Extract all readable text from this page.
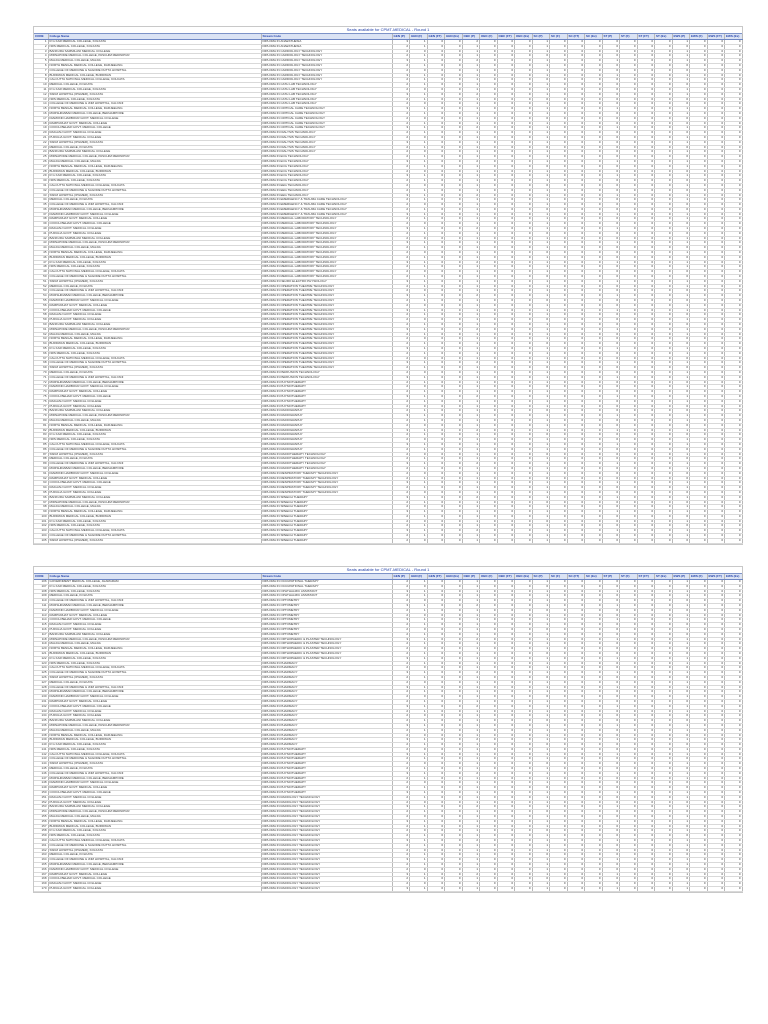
Seats available for CPMT-MEDICAL - Round 1
CODE	College Name	Stream Code	GEN (P)	GEN (F)	GEN (FT)	GEN (Ex)	OBC (P)	OBC (F)	OBC (FT)	OBC (Ex)	SC (P)	SC (F)	SC (FT)	SC (Ex)	ST (P)	ST (F)	ST (FT)	ST (Ex)	EWS (P)	EWS (F)	EWS (FT)	EWS (Ex)
1	R G KAR MEDICAL COLLEGE, KOLKATA	DIPLOMA IN ANAESTHESIA	3	1	0	0	2	0	0	0	1	0	0	0	0	0	0	0	1	0	0	0
2	NRS MEDICAL COLLEGE, KOLKATA	DIPLOMA IN ANAESTHESIA	2	1	0	0	1	0	0	0	1	0	0	0	0	0	0	0	0	0	0	0
3	BANKURA SAMMILANI MEDICAL COLLEGE	DIPLOMA IN CARDIOLOGY TECHNOLOGY	2	0	0	0	1	0	0	0	1	0	0	0	0	0	0	0	1	0	0	0
4	MIDNAPORE MEDICAL COLLEGE, PASCHIM MEDINIPUR	DIPLOMA IN CARDIOLOGY TECHNOLOGY	2	1	0	0	1	0	0	0	0	0	0	0	0	0	0	0	1	0	0	0
5	MALDA MEDICAL COLLEGE, MALDA	DIPLOMA IN CARDIOLOGY TECHNOLOGY	3	1	0	0	2	0	0	0	1	0	0	0	1	0	0	0	1	0	0	0
6	NORTH BENGAL MEDICAL COLLEGE, DARJEELING	DIPLOMA IN CARDIOLOGY TECHNOLOGY	2	1	0	0	1	0	0	0	1	0	0	0	0	0	0	0	0	0	0	0
7	COLLEGE OF MEDICINE & SAGORE DUTTA HOSPITAL	DIPLOMA IN CARDIOLOGY TECHNOLOGY	2	0	0	0	1	0	0	0	1	0	0	0	0	0	0	0	0	0	0	0
8	BURDWAN MEDICAL COLLEGE, BURDWAN	DIPLOMA IN CARDIOLOGY TECHNOLOGY	3	1	0	0	1	0	0	0	1	0	0	0	1	0	0	0	1	0	0	0
9	CALCUTTA NATIONAL MEDICAL COLLEGE, KOLKATA	DIPLOMA IN CARDIOLOGY TECHNOLOGY	2	1	0	0	1	0	0	0	0	0	0	0	0	0	0	0	1	0	0	0
10	MEDICAL COLLEGE, KOLKATA	DIPLOMA IN CATH LAB TECHNOLOGY	2	1	0	0	1	0	0	0	1	0	0	0	0	0	0	0	0	0	0	0
11	R G KAR MEDICAL COLLEGE, KOLKATA	DIPLOMA IN CATH LAB TECHNOLOGY	2	0	0	0	1	0	0	0	1	0	0	0	0	0	0	0	1	0	0	0
12	SSKM HOSPITAL (IPGMER), KOLKATA	DIPLOMA IN CATH LAB TECHNOLOGY	3	1	0	0	2	0	0	0	1	0	0	0	0	0	0	0	1	0	0	0
13	NRS MEDICAL COLLEGE, KOLKATA	DIPLOMA IN CATH LAB TECHNOLOGY	2	1	0	0	1	0	0	0	0	0	0	0	0	0	0	0	0	0	0	0
14	COLLEGE OF MEDICINE & JNM HOSPITAL, KALYANI	DIPLOMA IN CATH LAB TECHNOLOGY	2	0	0	0	1	0	0	0	1	0	0	0	0	0	0	0	0	0	0	0
15	NORTH BENGAL MEDICAL COLLEGE, DARJEELING	DIPLOMA IN CRITICAL CARE TECHNOLOGY	3	1	0	0	1	0	0	0	1	0	0	0	1	0	0	0	1	0	0	0
16	MURSHIDABAD MEDICAL COLLEGE, BERHAMPORE	DIPLOMA IN CRITICAL CARE TECHNOLOGY	2	1	0	0	1	0	0	0	1	0	0	0	0	0	0	0	1	0	0	0
17	DIAMOND HARBOUR GOVT. MEDICAL COLLEGE	DIPLOMA IN CRITICAL CARE TECHNOLOGY	2	0	0	0	1	0	0	0	0	0	0	0	0	0	0	0	0	0	0	0
18	RAMPURHAT GOVT. MEDICAL COLLEGE	DIPLOMA IN CRITICAL CARE TECHNOLOGY	2	1	0	0	1	0	0	0	1	0	0	0	0	0	0	0	0	0	0	0
19	COOCH BEHAR GOVT. MEDICAL COLLEGE	DIPLOMA IN CRITICAL CARE TECHNOLOGY	3	1	0	0	2	0	0	0	1	0	0	0	1	0	0	0	1	0	0	0
20	RAIGANJ GOVT. MEDICAL COLLEGE	DIPLOMA IN DIALYSIS TECHNOLOGY	2	1	0	0	1	0	0	0	1	0	0	0	0	0	0	0	0	0	0	0
21	PURULIA GOVT. MEDICAL COLLEGE	DIPLOMA IN DIALYSIS TECHNOLOGY	2	0	0	0	1	0	0	0	1	0	0	0	0	0	0	0	1	0	0	0
22	SSKM HOSPITAL (IPGMER), KOLKATA	DIPLOMA IN DIALYSIS TECHNOLOGY	3	1	0	0	1	0	0	0	1	0	0	0	0	0	0	0	1	0	0	0
23	MEDICAL COLLEGE, KOLKATA	DIPLOMA IN DIALYSIS TECHNOLOGY	2	1	0	0	1	0	0	0	0	0	0	0	0	0	0	0	0	0	0	0
24	BANKURA SAMMILANI MEDICAL COLLEGE	DIPLOMA IN DIALYSIS TECHNOLOGY	2	0	0	0	1	0	0	0	1	0	0	0	0	0	0	0	1	0	0	0
25	MIDNAPORE MEDICAL COLLEGE, PASCHIM MEDINIPUR	DIPLOMA IN ECG TECHNOLOGY	2	1	0	0	1	0	0	0	1	0	0	0	0	0	0	0	0	0	0	0
26	MALDA MEDICAL COLLEGE, MALDA	DIPLOMA IN ECG TECHNOLOGY	3	1	0	0	2	0	0	0	1	0	0	0	1	0	0	0	1	0	0	0
27	NORTH BENGAL MEDICAL COLLEGE, DARJEELING	DIPLOMA IN ECG TECHNOLOGY	2	1	0	0	1	0	0	0	0	0	0	0	0	0	0	0	1	0	0	0
28	BURDWAN MEDICAL COLLEGE, BURDWAN	DIPLOMA IN ECG TECHNOLOGY	2	0	0	0	1	0	0	0	1	0	0	0	0	0	0	0	0	0	0	0
29	R G KAR MEDICAL COLLEGE, KOLKATA	DIPLOMA IN ECG TECHNOLOGY	3	1	0	0	1	0	0	0	1	0	0	0	1	0	0	0	1	0	0	0
30	NRS MEDICAL COLLEGE, KOLKATA	DIPLOMA IN ECG TECHNOLOGY	2	1	0	0	1	0	0	0	1	0	0	0	0	0	0	0	0	0	0	0
31	CALCUTTA NATIONAL MEDICAL COLLEGE, KOLKATA	DIPLOMA IN EEG TECHNOLOGY	2	0	0	0	1	0	0	0	0	0	0	0	0	0	0	0	1	0	0	0
32	COLLEGE OF MEDICINE & SAGORE DUTTA HOSPITAL	DIPLOMA IN EEG TECHNOLOGY	2	1	0	0	1	0	0	0	1	0	0	0	0	0	0	0	0	0	0	0
33	SSKM HOSPITAL (IPGMER), KOLKATA	DIPLOMA IN EEG TECHNOLOGY	3	1	0	0	2	0	0	0	1	0	0	0	1	0	0	0	1	0	0	0
34	MEDICAL COLLEGE, KOLKATA	DIPLOMA IN EMERGENCY & TRAUMA CARE TECHNOLOGY	2	1	0	0	1	0	0	0	1	0	0	0	0	0	0	0	1	0	0	0
35	COLLEGE OF MEDICINE & JNM HOSPITAL, KALYANI	DIPLOMA IN EMERGENCY & TRAUMA CARE TECHNOLOGY	2	0	0	0	1	0	0	0	1	0	0	0	0	0	0	0	0	0	0	0
36	MURSHIDABAD MEDICAL COLLEGE, BERHAMPORE	DIPLOMA IN EMERGENCY & TRAUMA CARE TECHNOLOGY	2	1	0	0	1	0	0	0	0	0	0	0	0	0	0	0	0	0	0	0
37	DIAMOND HARBOUR GOVT. MEDICAL COLLEGE	DIPLOMA IN EMERGENCY & TRAUMA CARE TECHNOLOGY	3	1	0	0	1	0	0	0	1	0	0	0	1	0	0	0	1	0	0	0
38	RAMPURHAT GOVT. MEDICAL COLLEGE	DIPLOMA IN MEDICAL LABORATORY TECHNOLOGY	2	1	0	0	1	0	0	0	1	0	0	0	0	0	0	0	1	0	0	0
39	COOCH BEHAR GOVT. MEDICAL COLLEGE	DIPLOMA IN MEDICAL LABORATORY TECHNOLOGY	2	0	0	0	1	0	0	0	1	0	0	0	0	0	0	0	0	0	0	0
40	RAIGANJ GOVT. MEDICAL COLLEGE	DIPLOMA IN MEDICAL LABORATORY TECHNOLOGY	3	1	0	0	2	0	0	0	1	0	0	0	1	0	0	0	1	0	0	0
41	PURULIA GOVT. MEDICAL COLLEGE	DIPLOMA IN MEDICAL LABORATORY TECHNOLOGY	2	1	0	0	1	0	0	0	0	0	0	0	0	0	0	0	0	0	0	0
42	BANKURA SAMMILANI MEDICAL COLLEGE	DIPLOMA IN MEDICAL LABORATORY TECHNOLOGY	2	0	0	0	1	0	0	0	1	0	0	0	0	0	0	0	1	0	0	0
43	MIDNAPORE MEDICAL COLLEGE, PASCHIM MEDINIPUR	DIPLOMA IN MEDICAL LABORATORY TECHNOLOGY	3	1	0	0	1	0	0	0	1	0	0	0	1	0	0	0	1	0	0	0
44	MALDA MEDICAL COLLEGE, MALDA	DIPLOMA IN MEDICAL LABORATORY TECHNOLOGY	2	1	0	0	1	0	0	0	1	0	0	0	0	0	0	0	0	0	0	0
45	NORTH BENGAL MEDICAL COLLEGE, DARJEELING	DIPLOMA IN MEDICAL LABORATORY TECHNOLOGY	2	0	0	0	1	0	0	0	0	0	0	0	0	0	0	0	1	0	0	0
46	BURDWAN MEDICAL COLLEGE, BURDWAN	DIPLOMA IN MEDICAL LABORATORY TECHNOLOGY	2	1	0	0	1	0	0	0	1	0	0	0	0	0	0	0	0	0	0	0
47	R G KAR MEDICAL COLLEGE, KOLKATA	DIPLOMA IN MEDICAL LABORATORY TECHNOLOGY	3	1	0	0	2	0	0	0	1	0	0	0	1	0	0	0	1	0	0	0
48	NRS MEDICAL COLLEGE, KOLKATA	DIPLOMA IN MEDICAL LABORATORY TECHNOLOGY	2	1	0	0	1	0	0	0	1	0	0	0	0	0	0	0	1	0	0	0
49	CALCUTTA NATIONAL MEDICAL COLLEGE, KOLKATA	DIPLOMA IN MEDICAL LABORATORY TECHNOLOGY	2	0	0	0	1	0	0	0	1	0	0	0	0	0	0	0	0	0	0	0
50	COLLEGE OF MEDICINE & SAGORE DUTTA HOSPITAL	DIPLOMA IN MEDICAL LABORATORY TECHNOLOGY	2	1	0	0	1	0	0	0	0	0	0	0	0	0	0	0	0	0	0	0
51	SSKM HOSPITAL (IPGMER), KOLKATA	DIPLOMA IN NEURO ELECTRO PHYSIOLOGY	3	1	0	0	1	0	0	0	1	0	0	0	1	0	0	0	1	0	0	0
52	MEDICAL COLLEGE, KOLKATA	DIPLOMA IN OPERATION THEATRE TECHNOLOGY	2	1	0	0	1	0	0	0	1	0	0	0	0	0	0	0	1	0	0	0
53	COLLEGE OF MEDICINE & JNM HOSPITAL, KALYANI	DIPLOMA IN OPERATION THEATRE TECHNOLOGY	2	0	0	0	1	0	0	0	1	0	0	0	0	0	0	0	0	0	0	0
54	MURSHIDABAD MEDICAL COLLEGE, BERHAMPORE	DIPLOMA IN OPERATION THEATRE TECHNOLOGY	3	1	0	0	2	0	0	0	1	0	0	0	1	0	0	0	1	0	0	0
55	DIAMOND HARBOUR GOVT. MEDICAL COLLEGE	DIPLOMA IN OPERATION THEATRE TECHNOLOGY	2	1	0	0	1	0	0	0	0	0	0	0	0	0	0	0	0	0	0	0
56	RAMPURHAT GOVT. MEDICAL COLLEGE	DIPLOMA IN OPERATION THEATRE TECHNOLOGY	2	0	0	0	1	0	0	0	1	0	0	0	0	0	0	0	1	0	0	0
57	COOCH BEHAR GOVT. MEDICAL COLLEGE	DIPLOMA IN OPERATION THEATRE TECHNOLOGY	3	1	0	0	1	0	0	0	1	0	0	0	1	0	0	0	1	0	0	0
58	RAIGANJ GOVT. MEDICAL COLLEGE	DIPLOMA IN OPERATION THEATRE TECHNOLOGY	2	1	0	0	1	0	0	0	1	0	0	0	0	0	0	0	0	0	0	0
59	PURULIA GOVT. MEDICAL COLLEGE	DIPLOMA IN OPERATION THEATRE TECHNOLOGY	2	0	0	0	1	0	0	0	0	0	0	0	0	0	0	0	1	0	0	0
60	BANKURA SAMMILANI MEDICAL COLLEGE	DIPLOMA IN OPERATION THEATRE TECHNOLOGY	2	1	0	0	1	0	0	0	1	0	0	0	0	0	0	0	0	0	0	0
61	MIDNAPORE MEDICAL COLLEGE, PASCHIM MEDINIPUR	DIPLOMA IN OPERATION THEATRE TECHNOLOGY	3	1	0	0	2	0	0	0	1	0	0	0	1	0	0	0	1	0	0	0
62	MALDA MEDICAL COLLEGE, MALDA	DIPLOMA IN OPERATION THEATRE TECHNOLOGY	2	1	0	0	1	0	0	0	1	0	0	0	0	0	0	0	1	0	0	0
63	NORTH BENGAL MEDICAL COLLEGE, DARJEELING	DIPLOMA IN OPERATION THEATRE TECHNOLOGY	2	0	0	0	1	0	0	0	1	0	0	0	0	0	0	0	0	0	0	0
64	BURDWAN MEDICAL COLLEGE, BURDWAN	DIPLOMA IN OPERATION THEATRE TECHNOLOGY	2	1	0	0	1	0	0	0	0	0	0	0	0	0	0	0	0	0	0	0
65	R G KAR MEDICAL COLLEGE, KOLKATA	DIPLOMA IN OPERATION THEATRE TECHNOLOGY	3	1	0	0	1	0	0	0	1	0	0	0	1	0	0	0	1	0	0	0
66	NRS MEDICAL COLLEGE, KOLKATA	DIPLOMA IN OPERATION THEATRE TECHNOLOGY	2	1	0	0	1	0	0	0	1	0	0	0	0	0	0	0	1	0	0	0
67	CALCUTTA NATIONAL MEDICAL COLLEGE, KOLKATA	DIPLOMA IN OPERATION THEATRE TECHNOLOGY	2	0	0	0	1	0	0	0	1	0	0	0	0	0	0	0	0	0	0	0
68	COLLEGE OF MEDICINE & SAGORE DUTTA HOSPITAL	DIPLOMA IN OPERATION THEATRE TECHNOLOGY	3	1	0	0	2	0	0	0	1	0	0	0	1	0	0	0	1	0	0	0
69	SSKM HOSPITAL (IPGMER), KOLKATA	DIPLOMA IN OPERATION THEATRE TECHNOLOGY	2	1	0	0	1	0	0	0	0	0	0	0	0	0	0	0	0	0	0	0
70	MEDICAL COLLEGE, KOLKATA	DIPLOMA IN PERFUSION TECHNOLOGY	2	0	0	0	1	0	0	0	1	0	0	0	0	0	0	0	1	0	0	0
71	COLLEGE OF MEDICINE & JNM HOSPITAL, KALYANI	DIPLOMA IN PERFUSION TECHNOLOGY	3	1	0	0	1	0	0	0	1	0	0	0	1	0	0	0	1	0	0	0
72	MURSHIDABAD MEDICAL COLLEGE, BERHAMPORE	DIPLOMA IN PHYSIOTHERAPY	2	1	0	0	1	0	0	0	1	0	0	0	0	0	0	0	0	0	0	0
73	DIAMOND HARBOUR GOVT. MEDICAL COLLEGE	DIPLOMA IN PHYSIOTHERAPY	2	0	0	0	1	0	0	0	0	0	0	0	0	0	0	0	1	0	0	0
74	RAMPURHAT GOVT. MEDICAL COLLEGE	DIPLOMA IN PHYSIOTHERAPY	2	1	0	0	1	0	0	0	1	0	0	0	0	0	0	0	0	0	0	0
75	COOCH BEHAR GOVT. MEDICAL COLLEGE	DIPLOMA IN PHYSIOTHERAPY	3	1	0	0	2	0	0	0	1	0	0	0	1	0	0	0	1	0	0	0
76	RAIGANJ GOVT. MEDICAL COLLEGE	DIPLOMA IN PHYSIOTHERAPY	2	1	0	0	1	0	0	0	1	0	0	0	0	0	0	0	1	0	0	0
77	PURULIA GOVT. MEDICAL COLLEGE	DIPLOMA IN PHYSIOTHERAPY	2	0	0	0	1	0	0	0	1	0	0	0	0	0	0	0	0	0	0	0
78	BANKURA SAMMILANI MEDICAL COLLEGE	DIPLOMA IN RADIOGRAPHY	2	1	0	0	1	0	0	0	0	0	0	0	0	0	0	0	0	0	0	0
79	MIDNAPORE MEDICAL COLLEGE, PASCHIM MEDINIPUR	DIPLOMA IN RADIOGRAPHY	3	1	0	0	1	0	0	0	1	0	0	0	1	0	0	0	1	0	0	0
80	MALDA MEDICAL COLLEGE, MALDA	DIPLOMA IN RADIOGRAPHY	2	1	0	0	1	0	0	0	1	0	0	0	0	0	0	0	1	0	0	0
81	NORTH BENGAL MEDICAL COLLEGE, DARJEELING	DIPLOMA IN RADIOGRAPHY	2	0	0	0	1	0	0	0	1	0	0	0	0	0	0	0	0	0	0	0
82	BURDWAN MEDICAL COLLEGE, BURDWAN	DIPLOMA IN RADIOGRAPHY	3	1	0	0	2	0	0	0	1	0	0	0	1	0	0	0	1	0	0	0
83	R G KAR MEDICAL COLLEGE, KOLKATA	DIPLOMA IN RADIOGRAPHY	2	1	0	0	1	0	0	0	0	0	0	0	0	0	0	0	0	0	0	0
84	NRS MEDICAL COLLEGE, KOLKATA	DIPLOMA IN RADIOGRAPHY	2	0	0	0	1	0	0	0	1	0	0	0	0	0	0	0	1	0	0	0
85	CALCUTTA NATIONAL MEDICAL COLLEGE, KOLKATA	DIPLOMA IN RADIOGRAPHY	3	1	0	0	1	0	0	0	1	0	0	0	1	0	0	0	1	0	0	0
86	COLLEGE OF MEDICINE & SAGORE DUTTA HOSPITAL	DIPLOMA IN RADIOGRAPHY	2	1	0	0	1	0	0	0	1	0	0	0	0	0	0	0	0	0	0	0
87	SSKM HOSPITAL (IPGMER), KOLKATA	DIPLOMA IN RADIOTHERAPY TECHNOLOGY	2	0	0	0	1	0	0	0	0	0	0	0	0	0	0	0	1	0	0	0
88	MEDICAL COLLEGE, KOLKATA	DIPLOMA IN RADIOTHERAPY TECHNOLOGY	2	1	0	0	1	0	0	0	1	0	0	0	0	0	0	0	0	0	0	0
89	COLLEGE OF MEDICINE & JNM HOSPITAL, KALYANI	DIPLOMA IN RADIOTHERAPY TECHNOLOGY	3	1	0	0	2	0	0	0	1	0	0	0	1	0	0	0	1	0	0	0
90	MURSHIDABAD MEDICAL COLLEGE, BERHAMPORE	DIPLOMA IN RADIOTHERAPY TECHNOLOGY	2	1	0	0	1	0	0	0	1	0	0	0	0	0	0	0	1	0	0	0
91	DIAMOND HARBOUR GOVT. MEDICAL COLLEGE	DIPLOMA IN RESPIRATORY THERAPY TECHNOLOGY	2	0	0	0	1	0	0	0	1	0	0	0	0	0	0	0	0	0	0	0
92	RAMPURHAT GOVT. MEDICAL COLLEGE	DIPLOMA IN RESPIRATORY THERAPY TECHNOLOGY	2	1	0	0	1	0	0	0	0	0	0	0	0	0	0	0	0	0	0	0
93	COOCH BEHAR GOVT. MEDICAL COLLEGE	DIPLOMA IN RESPIRATORY THERAPY TECHNOLOGY	3	1	0	0	1	0	0	0	1	0	0	0	1	0	0	0	1	0	0	0
94	RAIGANJ GOVT. MEDICAL COLLEGE	DIPLOMA IN RESPIRATORY THERAPY TECHNOLOGY	2	1	0	0	1	0	0	0	1	0	0	0	0	0	0	0	1	0	0	0
95	PURULIA GOVT. MEDICAL COLLEGE	DIPLOMA IN RESPIRATORY THERAPY TECHNOLOGY	2	0	0	0	1	0	0	0	1	0	0	0	0	0	0	0	0	0	0	0
96	BANKURA SAMMILANI MEDICAL COLLEGE	DIPLOMA IN SPEECH THERAPY	3	1	0	0	2	0	0	0	1	0	0	0	1	0	0	0	1	0	0	0
97	MIDNAPORE MEDICAL COLLEGE, PASCHIM MEDINIPUR	DIPLOMA IN SPEECH THERAPY	2	1	0	0	1	0	0	0	0	0	0	0	0	0	0	0	0	0	0	0
98	MALDA MEDICAL COLLEGE, MALDA	DIPLOMA IN SPEECH THERAPY	2	0	0	0	1	0	0	0	1	0	0	0	0	0	0	0	1	0	0	0
99	NORTH BENGAL MEDICAL COLLEGE, DARJEELING	DIPLOMA IN SPEECH THERAPY	3	1	0	0	1	0	0	0	1	0	0	0	1	0	0	0	1	0	0	0
100	BURDWAN MEDICAL COLLEGE, BURDWAN	DIPLOMA IN SPEECH THERAPY	2	1	0	0	1	0	0	0	1	0	0	0	0	0	0	0	0	0	0	0
101	R G KAR MEDICAL COLLEGE, KOLKATA	DIPLOMA IN SPEECH THERAPY	2	0	0	0	1	0	0	0	0	0	0	0	0	0	0	0	1	0	0	0
102	NRS MEDICAL COLLEGE, KOLKATA	DIPLOMA IN SPEECH THERAPY	2	1	0	0	1	0	0	0	1	0	0	0	0	0	0	0	0	0	0	0
103	CALCUTTA NATIONAL MEDICAL COLLEGE, KOLKATA	DIPLOMA IN SPEECH THERAPY	3	1	0	0	2	0	0	0	1	0	0	0	1	0	0	0	1	0	0	0
104	COLLEGE OF MEDICINE & SAGORE DUTTA HOSPITAL	DIPLOMA IN SPEECH THERAPY	2	1	0	0	1	0	0	0	1	0	0	0	0	0	0	0	1	0	0	0
105	SSKM HOSPITAL (IPGMER), KOLKATA	DIPLOMA IN SPEECH THERAPY	2	0	0	0	1	0	0	0	1	0	0	0	0	0	0	0	0	0	0	0
Seats available for CPMT-MEDICAL - Round 1
CODE	College Name	Stream Code	GEN (P)	GEN (F)	GEN (FT)	GEN (Ex)	OBC (P)	OBC (F)	OBC (FT)	OBC (Ex)	SC (P)	SC (F)	SC (FT)	SC (Ex)	ST (P)	ST (F)	ST (FT)	ST (Ex)	EWS (P)	EWS (F)	EWS (FT)	EWS (Ex)
106	GOVERNMENT MEDICAL COLLEGE, JHARGRAM	DIPLOMA IN OCCUPATIONAL THERAPY	2	1	0	0	1	0	0	0	1	0	0	0	0	0	0	0	1	0	0	0
107	R G KAR MEDICAL COLLEGE, KOLKATA	DIPLOMA IN OCCUPATIONAL THERAPY	2	0	0	0	1	0	0	0	0	0	0	0	0	0	0	0	0	0	0	0
108	NRS MEDICAL COLLEGE, KOLKATA	DIPLOMA IN OPHTHALMIC ASSISTANT	3	1	0	0	1	0	0	0	1	0	0	0	1	0	0	0	1	0	0	0
109	MEDICAL COLLEGE, KOLKATA	DIPLOMA IN OPHTHALMIC ASSISTANT	2	1	0	0	1	0	0	0	1	0	0	0	0	0	0	0	1	0	0	0
110	COLLEGE OF MEDICINE & JNM HOSPITAL, KALYANI	DIPLOMA IN OPTOMETRY	2	0	0	0	1	0	0	0	1	0	0	0	0	0	0	0	0	0	0	0
111	MURSHIDABAD MEDICAL COLLEGE, BERHAMPORE	DIPLOMA IN OPTOMETRY	3	1	0	0	2	0	0	0	1	0	0	0	1	0	0	0	1	0	0	0
112	DIAMOND HARBOUR GOVT. MEDICAL COLLEGE	DIPLOMA IN OPTOMETRY	2	1	0	0	1	0	0	0	0	0	0	0	0	0	0	0	0	0	0	0
113	RAMPURHAT GOVT. MEDICAL COLLEGE	DIPLOMA IN OPTOMETRY	2	0	0	0	1	0	0	0	1	0	0	0	0	0	0	0	1	0	0	0
114	COOCH BEHAR GOVT. MEDICAL COLLEGE	DIPLOMA IN OPTOMETRY	3	1	0	0	1	0	0	0	1	0	0	0	1	0	0	0	1	0	0	0
115	RAIGANJ GOVT. MEDICAL COLLEGE	DIPLOMA IN OPTOMETRY	2	1	0	0	1	0	0	0	1	0	0	0	0	0	0	0	0	0	0	0
116	PURULIA GOVT. MEDICAL COLLEGE	DIPLOMA IN OPTOMETRY	2	0	0	0	1	0	0	0	0	0	0	0	0	0	0	0	1	0	0	0
117	BANKURA SAMMILANI MEDICAL COLLEGE	DIPLOMA IN OPTOMETRY	2	1	0	0	1	0	0	0	1	0	0	0	0	0	0	0	0	0	0	0
118	MIDNAPORE MEDICAL COLLEGE, PASCHIM MEDINIPUR	DIPLOMA IN ORTHOPAEDIC & PLASTER TECHNOLOGY	3	1	0	0	2	0	0	0	1	0	0	0	1	0	0	0	1	0	0	0
119	MALDA MEDICAL COLLEGE, MALDA	DIPLOMA IN ORTHOPAEDIC & PLASTER TECHNOLOGY	2	1	0	0	1	0	0	0	1	0	0	0	0	0	0	0	1	0	0	0
120	NORTH BENGAL MEDICAL COLLEGE, DARJEELING	DIPLOMA IN ORTHOPAEDIC & PLASTER TECHNOLOGY	2	0	0	0	1	0	0	0	1	0	0	0	0	0	0	0	0	0	0	0
121	BURDWAN MEDICAL COLLEGE, BURDWAN	DIPLOMA IN ORTHOPAEDIC & PLASTER TECHNOLOGY	2	1	0	0	1	0	0	0	0	0	0	0	0	0	0	0	0	0	0	0
122	R G KAR MEDICAL COLLEGE, KOLKATA	DIPLOMA IN ORTHOPAEDIC & PLASTER TECHNOLOGY	3	1	0	0	1	0	0	0	1	0	0	0	1	0	0	0	1	0	0	0
123	NRS MEDICAL COLLEGE, KOLKATA	DIPLOMA IN PHARMACY	2	1	0	0	1	0	0	0	1	0	0	0	0	0	0	0	1	0	0	0
124	CALCUTTA NATIONAL MEDICAL COLLEGE, KOLKATA	DIPLOMA IN PHARMACY	2	0	0	0	1	0	0	0	1	0	0	0	0	0	0	0	0	0	0	0
125	COLLEGE OF MEDICINE & SAGORE DUTTA HOSPITAL	DIPLOMA IN PHARMACY	3	1	0	0	2	0	0	0	1	0	0	0	1	0	0	0	1	0	0	0
126	SSKM HOSPITAL (IPGMER), KOLKATA	DIPLOMA IN PHARMACY	2	1	0	0	1	0	0	0	0	0	0	0	0	0	0	0	0	0	0	0
127	MEDICAL COLLEGE, KOLKATA	DIPLOMA IN PHARMACY	2	0	0	0	1	0	0	0	1	0	0	0	0	0	0	0	1	0	0	0
128	COLLEGE OF MEDICINE & JNM HOSPITAL, KALYANI	DIPLOMA IN PHARMACY	3	1	0	0	1	0	0	0	1	0	0	0	1	0	0	0	1	0	0	0
129	MURSHIDABAD MEDICAL COLLEGE, BERHAMPORE	DIPLOMA IN PHARMACY	2	1	0	0	1	0	0	0	1	0	0	0	0	0	0	0	0	0	0	0
130	DIAMOND HARBOUR GOVT. MEDICAL COLLEGE	DIPLOMA IN PHARMACY	2	0	0	0	1	0	0	0	0	0	0	0	0	0	0	0	1	0	0	0
131	RAMPURHAT GOVT. MEDICAL COLLEGE	DIPLOMA IN PHARMACY	2	1	0	0	1	0	0	0	1	0	0	0	0	0	0	0	0	0	0	0
132	COOCH BEHAR GOVT. MEDICAL COLLEGE	DIPLOMA IN PHARMACY	3	1	0	0	2	0	0	0	1	0	0	0	1	0	0	0	1	0	0	0
133	RAIGANJ GOVT. MEDICAL COLLEGE	DIPLOMA IN PHARMACY	2	1	0	0	1	0	0	0	1	0	0	0	0	0	0	0	1	0	0	0
134	PURULIA GOVT. MEDICAL COLLEGE	DIPLOMA IN PHARMACY	2	0	0	0	1	0	0	0	1	0	0	0	0	0	0	0	0	0	0	0
135	BANKURA SAMMILANI MEDICAL COLLEGE	DIPLOMA IN PHARMACY	2	1	0	0	1	0	0	0	0	0	0	0	0	0	0	0	0	0	0	0
136	MIDNAPORE MEDICAL COLLEGE, PASCHIM MEDINIPUR	DIPLOMA IN PHARMACY	3	1	0	0	1	0	0	0	1	0	0	0	1	0	0	0	1	0	0	0
137	MALDA MEDICAL COLLEGE, MALDA	DIPLOMA IN PHARMACY	2	1	0	0	1	0	0	0	1	0	0	0	0	0	0	0	1	0	0	0
138	NORTH BENGAL MEDICAL COLLEGE, DARJEELING	DIPLOMA IN PHARMACY	2	0	0	0	1	0	0	0	1	0	0	0	0	0	0	0	0	0	0	0
139	BURDWAN MEDICAL COLLEGE, BURDWAN	DIPLOMA IN PHARMACY	3	1	0	0	2	0	0	0	1	0	0	0	1	0	0	0	1	0	0	0
140	R G KAR MEDICAL COLLEGE, KOLKATA	DIPLOMA IN PHARMACY	2	1	0	0	1	0	0	0	0	0	0	0	0	0	0	0	0	0	0	0
141	NRS MEDICAL COLLEGE, KOLKATA	DIPLOMA IN PHYSIOTHERAPY	2	0	0	0	1	0	0	0	1	0	0	0	0	0	0	0	1	0	0	0
142	CALCUTTA NATIONAL MEDICAL COLLEGE, KOLKATA	DIPLOMA IN PHYSIOTHERAPY	3	1	0	0	1	0	0	0	1	0	0	0	1	0	0	0	1	0	0	0
143	COLLEGE OF MEDICINE & SAGORE DUTTA HOSPITAL	DIPLOMA IN PHYSIOTHERAPY	2	1	0	0	1	0	0	0	1	0	0	0	0	0	0	0	0	0	0	0
144	SSKM HOSPITAL (IPGMER), KOLKATA	DIPLOMA IN PHYSIOTHERAPY	2	0	0	0	1	0	0	0	0	0	0	0	0	0	0	0	1	0	0	0
145	MEDICAL COLLEGE, KOLKATA	DIPLOMA IN PHYSIOTHERAPY	2	1	0	0	1	0	0	0	1	0	0	0	0	0	0	0	0	0	0	0
146	COLLEGE OF MEDICINE & JNM HOSPITAL, KALYANI	DIPLOMA IN PHYSIOTHERAPY	3	1	0	0	2	0	0	0	1	0	0	0	1	0	0	0	1	0	0	0
147	MURSHIDABAD MEDICAL COLLEGE, BERHAMPORE	DIPLOMA IN PHYSIOTHERAPY	2	1	0	0	1	0	0	0	1	0	0	0	0	0	0	0	1	0	0	0
148	DIAMOND HARBOUR GOVT. MEDICAL COLLEGE	DIPLOMA IN PHYSIOTHERAPY	2	0	0	0	1	0	0	0	1	0	0	0	0	0	0	0	0	0	0	0
149	RAMPURHAT GOVT. MEDICAL COLLEGE	DIPLOMA IN PHYSIOTHERAPY	2	1	0	0	1	0	0	0	0	0	0	0	0	0	0	0	0	0	0	0
150	COOCH BEHAR GOVT. MEDICAL COLLEGE	DIPLOMA IN PHYSIOTHERAPY	3	1	0	0	1	0	0	0	1	0	0	0	1	0	0	0	1	0	0	0
151	RAIGANJ GOVT. MEDICAL COLLEGE	DIPLOMA IN RADIOLOGY TECHNOLOGY	2	1	0	0	1	0	0	0	1	0	0	0	0	0	0	0	1	0	0	0
152	PURULIA GOVT. MEDICAL COLLEGE	DIPLOMA IN RADIOLOGY TECHNOLOGY	2	0	0	0	1	0	0	0	1	0	0	0	0	0	0	0	0	0	0	0
153	BANKURA SAMMILANI MEDICAL COLLEGE	DIPLOMA IN RADIOLOGY TECHNOLOGY	3	1	0	0	2	0	0	0	1	0	0	0	1	0	0	0	1	0	0	0
154	MIDNAPORE MEDICAL COLLEGE, PASCHIM MEDINIPUR	DIPLOMA IN RADIOLOGY TECHNOLOGY	2	1	0	0	1	0	0	0	0	0	0	0	0	0	0	0	0	0	0	0
155	MALDA MEDICAL COLLEGE, MALDA	DIPLOMA IN RADIOLOGY TECHNOLOGY	2	0	0	0	1	0	0	0	1	0	0	0	0	0	0	0	1	0	0	0
156	NORTH BENGAL MEDICAL COLLEGE, DARJEELING	DIPLOMA IN RADIOLOGY TECHNOLOGY	3	1	0	0	1	0	0	0	1	0	0	0	1	0	0	0	1	0	0	0
157	BURDWAN MEDICAL COLLEGE, BURDWAN	DIPLOMA IN RADIOLOGY TECHNOLOGY	2	1	0	0	1	0	0	0	1	0	0	0	0	0	0	0	0	0	0	0
158	R G KAR MEDICAL COLLEGE, KOLKATA	DIPLOMA IN RADIOLOGY TECHNOLOGY	2	0	0	0	1	0	0	0	0	0	0	0	0	0	0	0	1	0	0	0
159	NRS MEDICAL COLLEGE, KOLKATA	DIPLOMA IN RADIOLOGY TECHNOLOGY	2	1	0	0	1	0	0	0	1	0	0	0	0	0	0	0	0	0	0	0
160	CALCUTTA NATIONAL MEDICAL COLLEGE, KOLKATA	DIPLOMA IN RADIOLOGY TECHNOLOGY	3	1	0	0	2	0	0	0	1	0	0	0	1	0	0	0	1	0	0	0
161	COLLEGE OF MEDICINE & SAGORE DUTTA HOSPITAL	DIPLOMA IN RADIOLOGY TECHNOLOGY	2	1	0	0	1	0	0	0	1	0	0	0	0	0	0	0	1	0	0	0
162	SSKM HOSPITAL (IPGMER), KOLKATA	DIPLOMA IN RADIOLOGY TECHNOLOGY	2	0	0	0	1	0	0	0	1	0	0	0	0	0	0	0	0	0	0	0
163	MEDICAL COLLEGE, KOLKATA	DIPLOMA IN RADIOLOGY TECHNOLOGY	2	1	0	0	1	0	0	0	0	0	0	0	0	0	0	0	0	0	0	0
164	COLLEGE OF MEDICINE & JNM HOSPITAL, KALYANI	DIPLOMA IN RADIOLOGY TECHNOLOGY	3	1	0	0	1	0	0	0	1	0	0	0	1	0	0	0	1	0	0	0
165	MURSHIDABAD MEDICAL COLLEGE, BERHAMPORE	DIPLOMA IN RADIOLOGY TECHNOLOGY	2	1	0	0	1	0	0	0	1	0	0	0	0	0	0	0	1	0	0	0
166	DIAMOND HARBOUR GOVT. MEDICAL COLLEGE	DIPLOMA IN RADIOLOGY TECHNOLOGY	2	0	0	0	1	0	0	0	1	0	0	0	0	0	0	0	0	0	0	0
167	RAMPURHAT GOVT. MEDICAL COLLEGE	DIPLOMA IN RADIOLOGY TECHNOLOGY	3	1	0	0	2	0	0	0	1	0	0	0	1	0	0	0	1	0	0	0
168	COOCH BEHAR GOVT. MEDICAL COLLEGE	DIPLOMA IN RADIOLOGY TECHNOLOGY	2	1	0	0	1	0	0	0	0	0	0	0	0	0	0	0	0	0	0	0
169	RAIGANJ GOVT. MEDICAL COLLEGE	DIPLOMA IN RADIOLOGY TECHNOLOGY	2	0	0	0	1	0	0	0	1	0	0	0	0	0	0	0	1	0	0	0
170	PURULIA GOVT. MEDICAL COLLEGE	DIPLOMA IN RADIOLOGY TECHNOLOGY	3	1	0	0	1	0	0	0	1	0	0	0	1	0	0	0	1	0	0	0
